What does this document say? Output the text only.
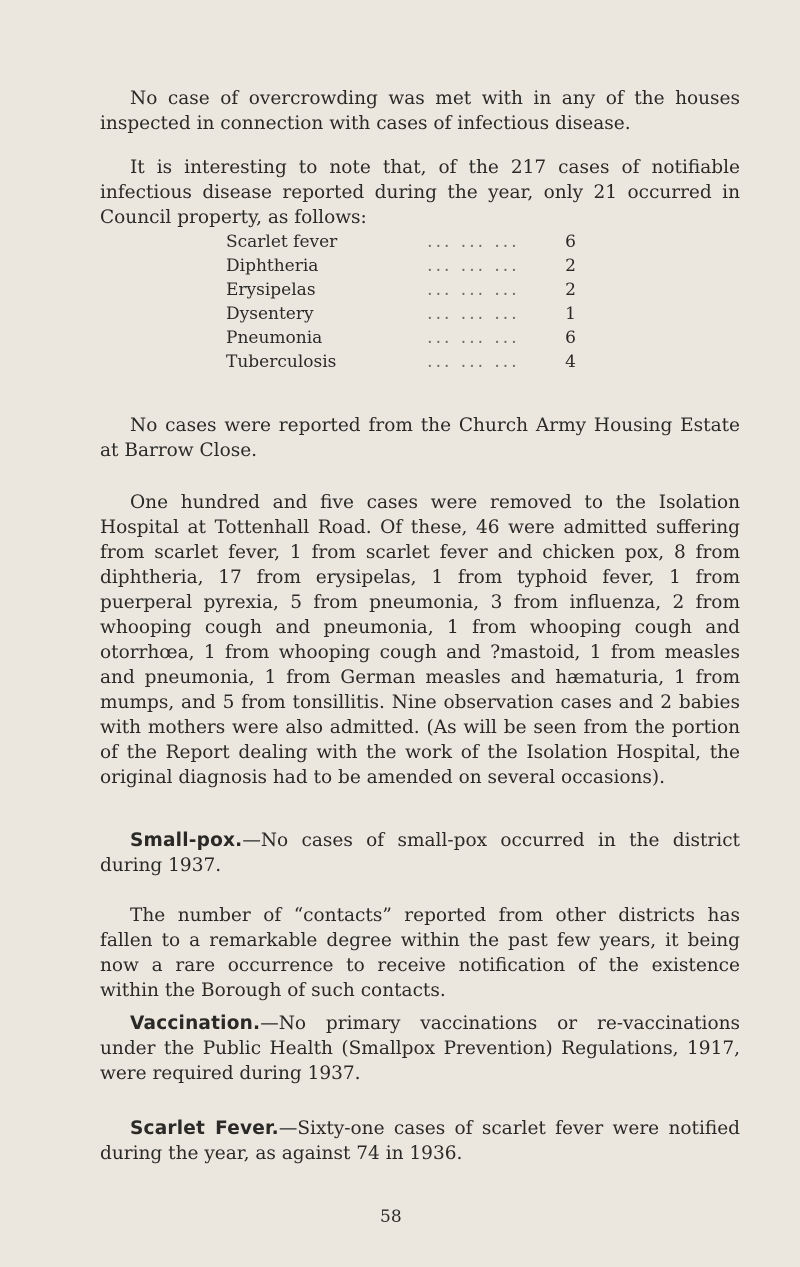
No case of overcrowding was met with in any of the houses inspected in connection with cases of infectious disease.

It is interesting to note that, of the 217 cases of notifiable infectious disease reported during the year, only 21 occurred in Council property, as follows:

Scarlet fever	... ... ...	6
Diphtheria	... ... ...	2
Erysipelas	... ... ...	2
Dysentery	... ... ...	1
Pneumonia	... ... ...	6
Tuberculosis	... ... ...	4

No cases were reported from the Church Army Housing Estate at Barrow Close.

One hundred and five cases were removed to the Isolation Hospital at Tottenhall Road. Of these, 46 were admitted suffering from scarlet fever, 1 from scarlet fever and chicken pox, 8 from diphtheria, 17 from erysipelas, 1 from typhoid fever, 1 from puerperal pyrexia, 5 from pneumonia, 3 from influenza, 2 from whooping cough and pneumonia, 1 from whooping cough and otorrhœa, 1 from whooping cough and ?mastoid, 1 from measles and pneumonia, 1 from German measles and hæmaturia, 1 from mumps, and 5 from tonsillitis. Nine observation cases and 2 babies with mothers were also admitted. (As will be seen from the portion of the Report dealing with the work of the Isolation Hospital, the original diagnosis had to be amended on several occasions).

Small-pox.—No cases of small-pox occurred in the district during 1937.

The number of “contacts” reported from other districts has fallen to a remarkable degree within the past few years, it being now a rare occurrence to receive notification of the existence within the Borough of such contacts.

58

Vaccination.—No primary vaccinations or re-vaccinations under the Public Health (Smallpox Prevention) Regulations, 1917, were required during 1937.

Scarlet Fever.—Sixty-one cases of scarlet fever were notified during the year, as against 74 in 1936.
